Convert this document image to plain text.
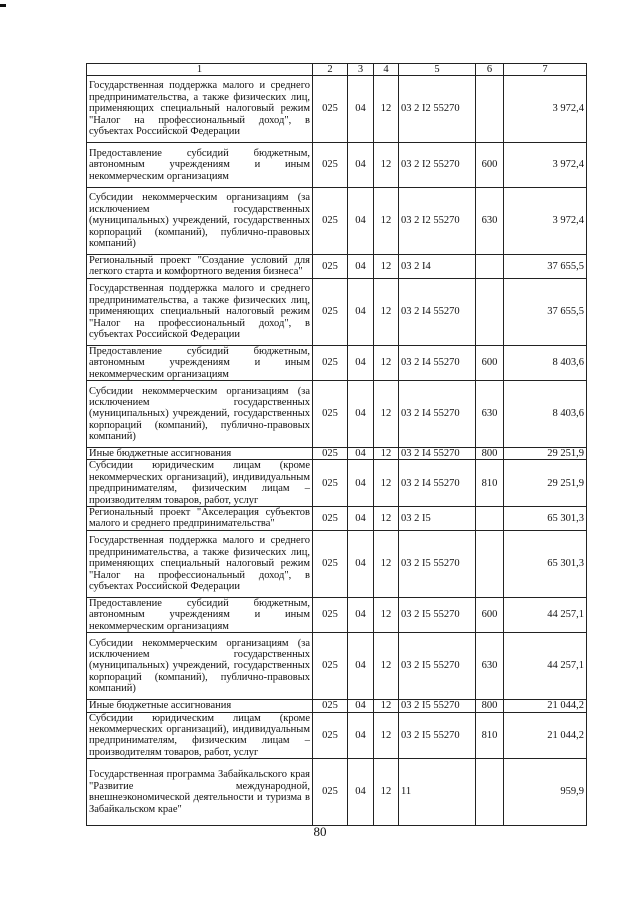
1	2	3	4	5	6	7
Государственная поддержка малого и среднего предпринимательства, а также физических лиц, применяющих специальный налоговый режим "Налог на профессиональный доход", в субъектах Российской Федерации	025	04	12	03 2 I2 55270		3 972,4
Предоставление субсидий бюджетным, автономным учреждениям и иным некоммерческим организациям	025	04	12	03 2 I2 55270	600	3 972,4
Субсидии некоммерческим организациям (за исключением государственных (муниципальных) учреждений, государственных корпораций (компаний), публично-правовых компаний)	025	04	12	03 2 I2 55270	630	3 972,4
Региональный проект "Создание условий для легкого старта и комфортного ведения бизнеса"	025	04	12	03 2 I4		37 655,5
Государственная поддержка малого и среднего предпринимательства, а также физических лиц, применяющих специальный налоговый режим "Налог на профессиональный доход", в субъектах Российской Федерации	025	04	12	03 2 I4 55270		37 655,5
Предоставление субсидий бюджетным, автономным учреждениям и иным некоммерческим организациям	025	04	12	03 2 I4 55270	600	8 403,6
Субсидии некоммерческим организациям (за исключением государственных (муниципальных) учреждений, государственных корпораций (компаний), публично-правовых компаний)	025	04	12	03 2 I4 55270	630	8 403,6
Иные бюджетные ассигнования	025	04	12	03 2 I4 55270	800	29 251,9
Субсидии юридическим лицам (кроме некоммерческих организаций), индивидуальным предпринимателям, физическим лицам – производителям товаров, работ, услуг	025	04	12	03 2 I4 55270	810	29 251,9
Региональный проект "Акселерация субъектов малого и среднего предпринимательства"	025	04	12	03 2 I5		65 301,3
Государственная поддержка малого и среднего предпринимательства, а также физических лиц, применяющих специальный налоговый режим "Налог на профессиональный доход", в субъектах Российской Федерации	025	04	12	03 2 I5 55270		65 301,3
Предоставление субсидий бюджетным, автономным учреждениям и иным некоммерческим организациям	025	04	12	03 2 I5 55270	600	44 257,1
Субсидии некоммерческим организациям (за исключением государственных (муниципальных) учреждений, государственных корпораций (компаний), публично-правовых компаний)	025	04	12	03 2 I5 55270	630	44 257,1
Иные бюджетные ассигнования	025	04	12	03 2 I5 55270	800	21 044,2
Субсидии юридическим лицам (кроме некоммерческих организаций), индивидуальным предпринимателям, физическим лицам – производителям товаров, работ, услуг	025	04	12	03 2 I5 55270	810	21 044,2
Государственная программа Забайкальского края "Развитие международной, внешнеэкономической деятельности и туризма в Забайкальском крае"	025	04	12	11		959,9
80
